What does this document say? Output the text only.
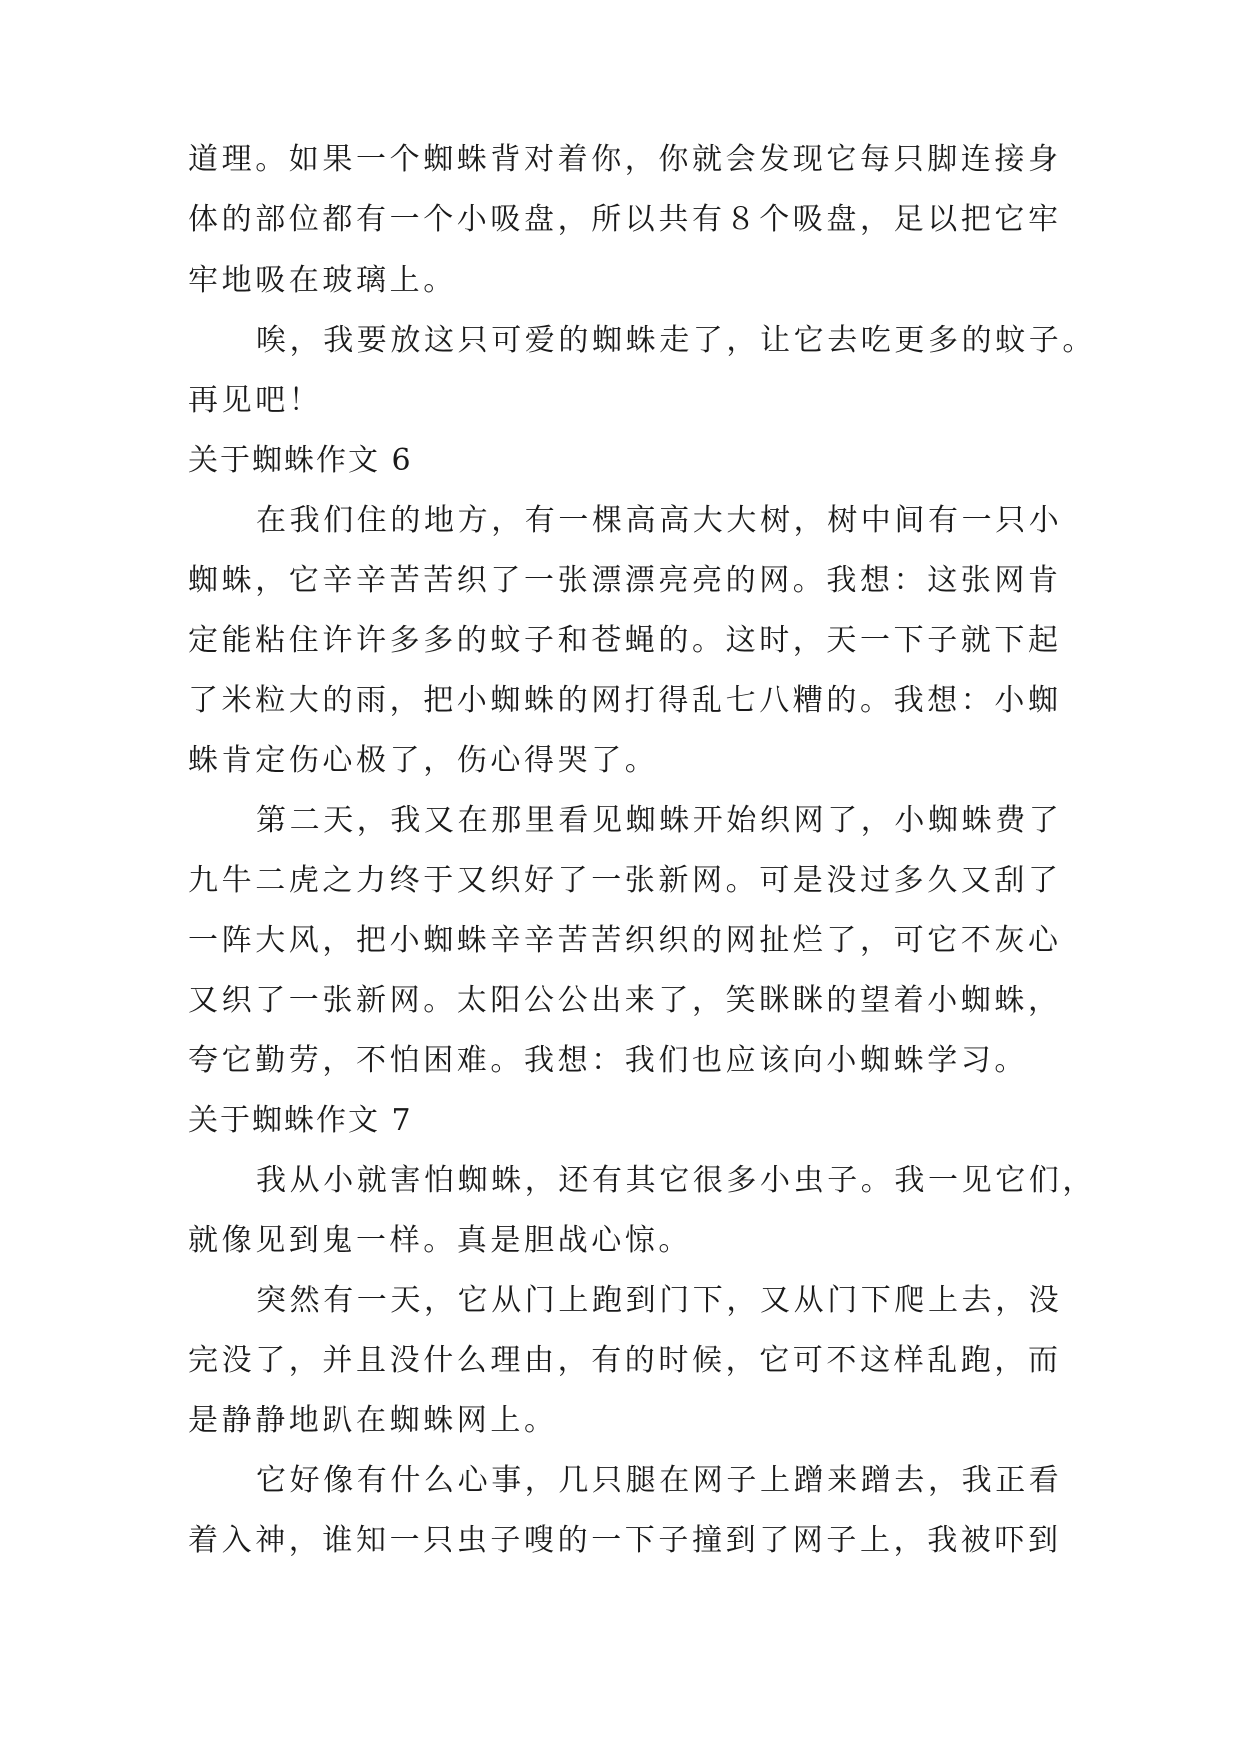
道理。如果一个蜘蛛背对着你，你就会发现它每只脚连接身
体的部位都有一个小吸盘，所以共有８个吸盘，足以把它牢
牢地吸在玻璃上。
唉，我要放这只可爱的蜘蛛走了，让它去吃更多的蚊子。
再见吧！
关于蜘蛛作文 6
在我们住的地方，有一棵高高大大树，树中间有一只小
蜘蛛，它辛辛苦苦织了一张漂漂亮亮的网。我想：这张网肯
定能粘住许许多多的蚊子和苍蝇的。这时，天一下子就下起
了米粒大的雨，把小蜘蛛的网打得乱七八糟的。我想：小蜘
蛛肯定伤心极了，伤心得哭了。
第二天，我又在那里看见蜘蛛开始织网了，小蜘蛛费了
九牛二虎之力终于又织好了一张新网。可是没过多久又刮了
一阵大风，把小蜘蛛辛辛苦苦织织的网扯烂了，可它不灰心
又织了一张新网。太阳公公出来了，笑眯眯的望着小蜘蛛，
夸它勤劳，不怕困难。我想：我们也应该向小蜘蛛学习。
关于蜘蛛作文 7
我从小就害怕蜘蛛，还有其它很多小虫子。我一见它们，
就像见到鬼一样。真是胆战心惊。
突然有一天，它从门上跑到门下，又从门下爬上去，没
完没了，并且没什么理由，有的时候，它可不这样乱跑，而
是静静地趴在蜘蛛网上。
它好像有什么心事，几只腿在网子上蹭来蹭去，我正看
着入神，谁知一只虫子嗖的一下子撞到了网子上，我被吓到
